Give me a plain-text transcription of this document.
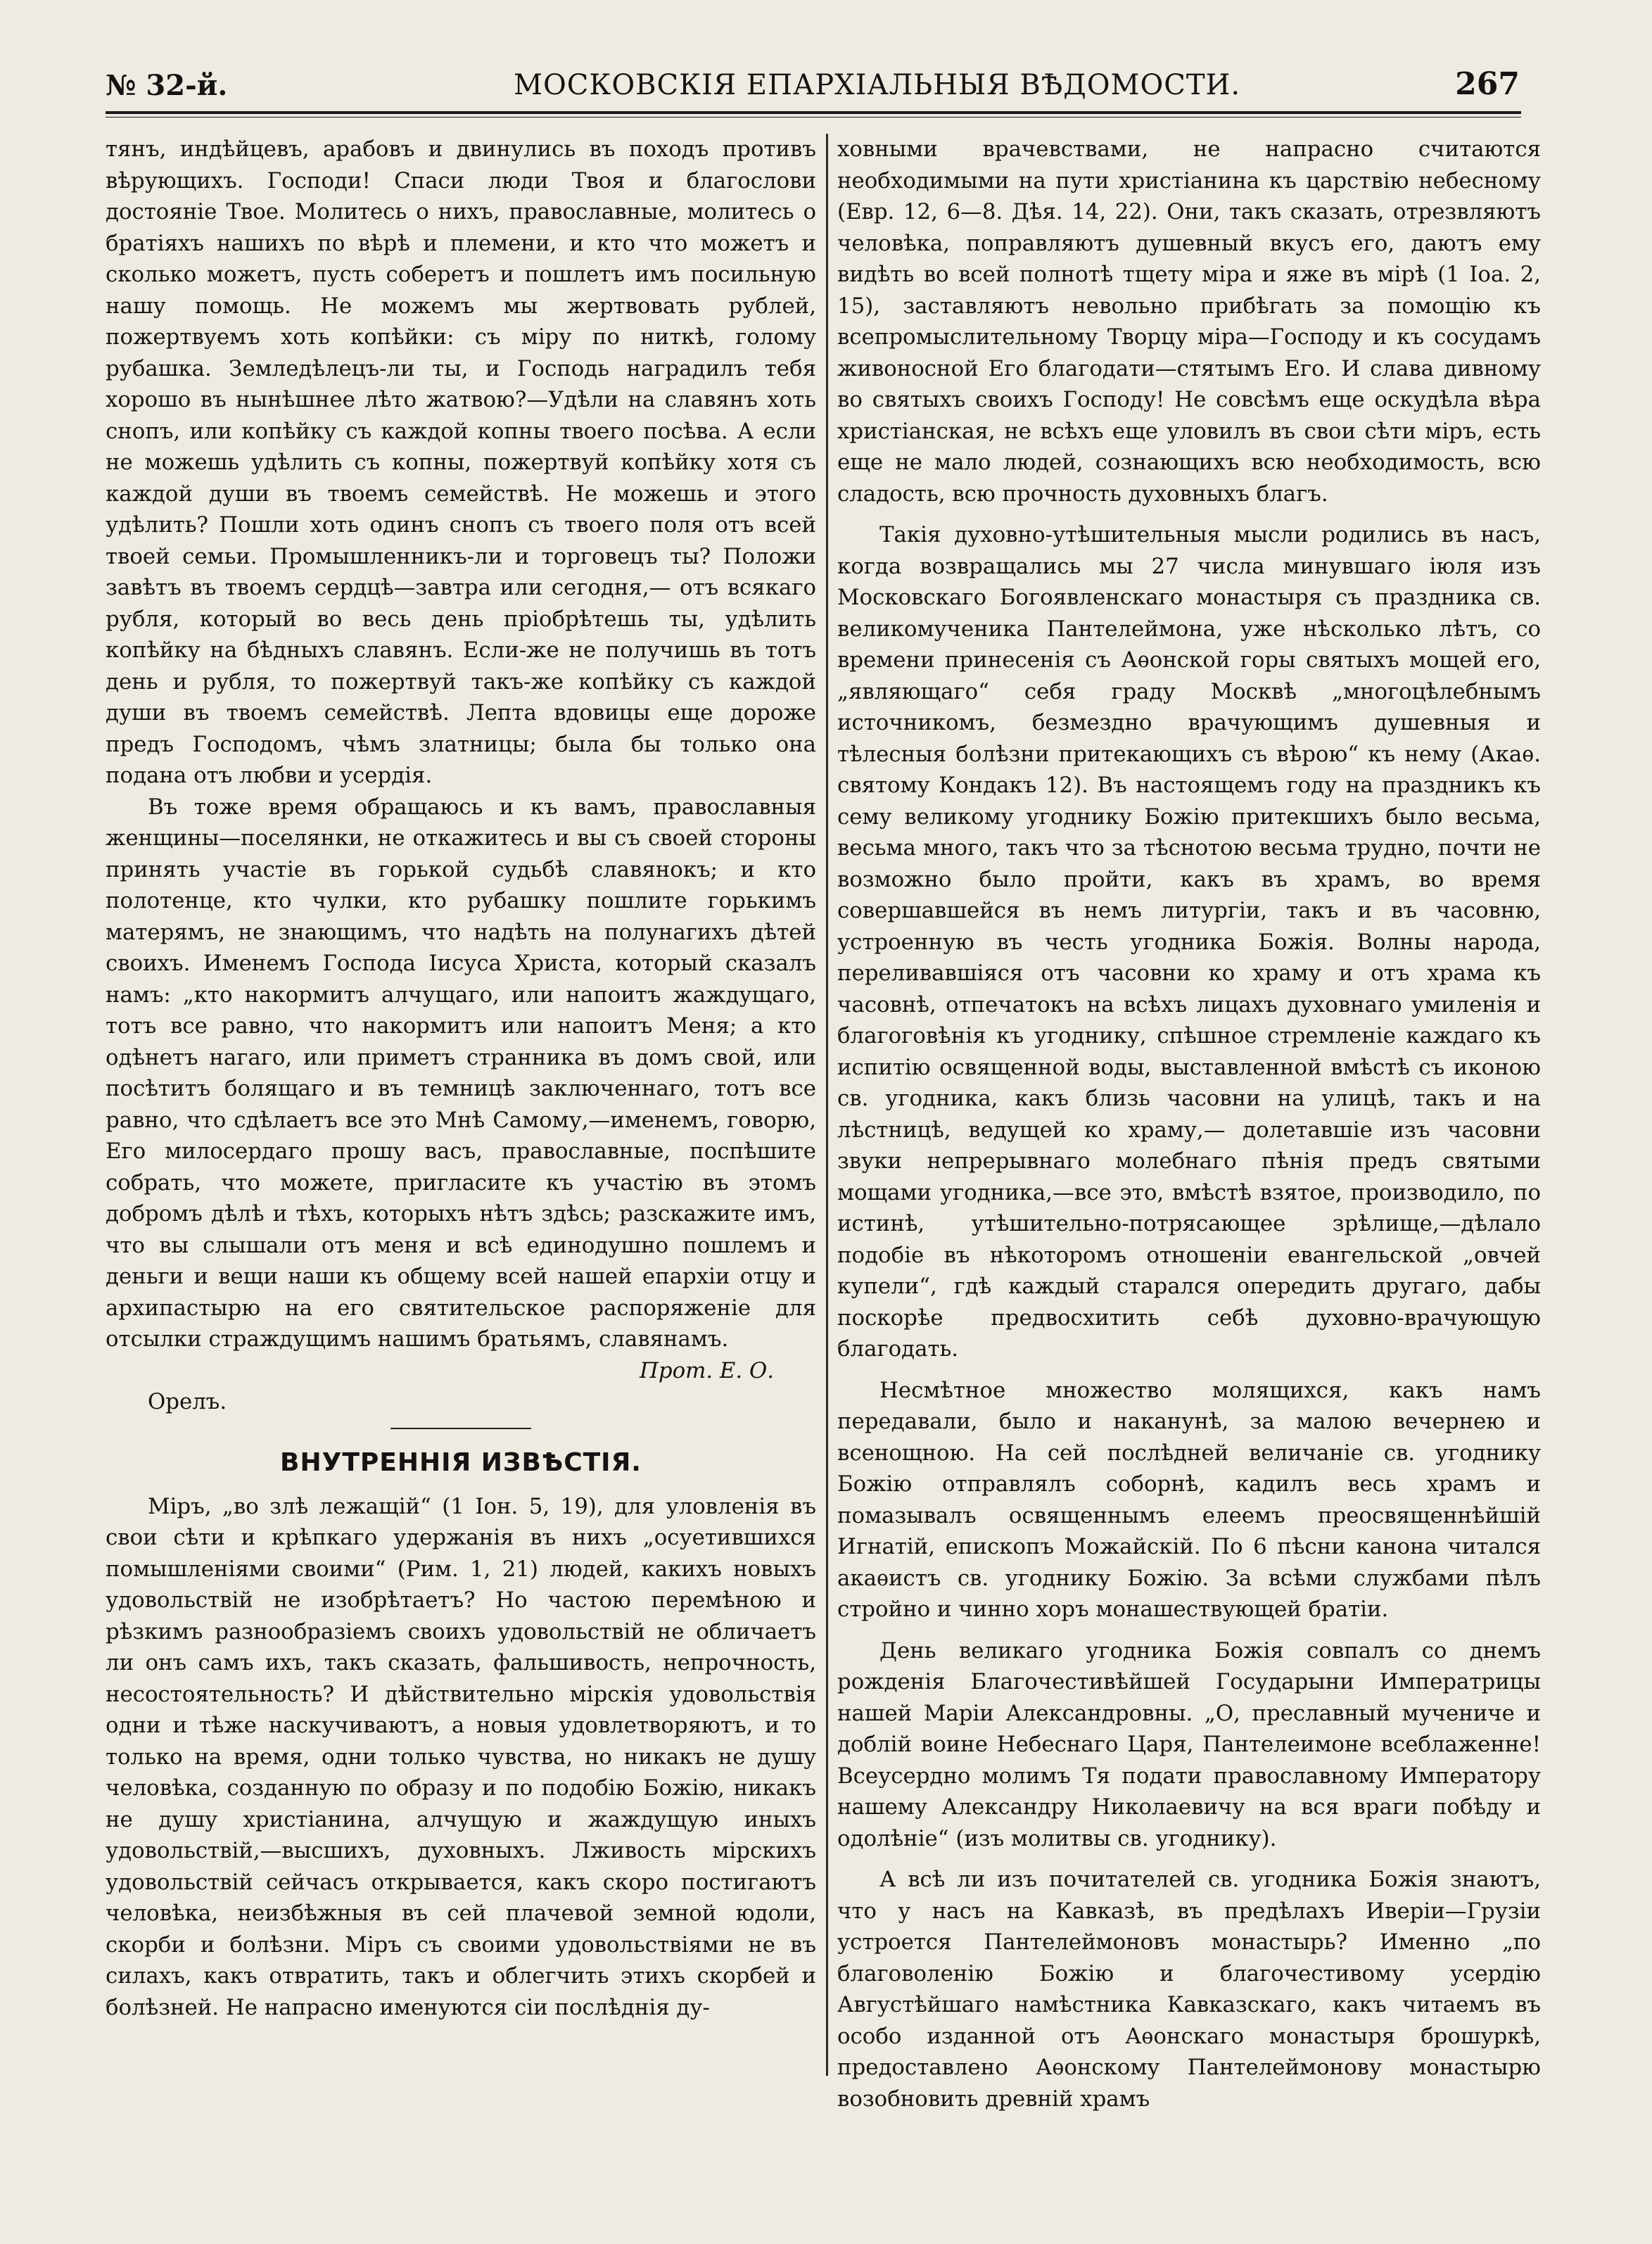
№ 32-й.	МОСКОВСКІЯ ЕПАРХІАЛЬНЫЯ ВѢДОМОСТИ.	267

тянъ, индѣйцевъ, арабовъ и двинулись въ походъ противъ вѣрующихъ. Господи! Спаси люди Твоя и благослови достояніе Твое. Молитесь о нихъ, православные, молитесь о братіяхъ нашихъ по вѣрѣ и племени, и кто что можетъ и сколько можетъ, пусть соберетъ и пошлетъ имъ посильную нашу помощь. Не можемъ мы жертвовать рублей, пожертвуемъ хоть копѣйки: съ міру по ниткѣ, голому рубашка. Земледѣлецъ-ли ты, и Господь наградилъ тебя хорошо въ нынѣшнее лѣто жатвою?—Удѣли на славянъ хоть снопъ, или копѣйку съ каждой копны твоего посѣва. А если не можешь удѣлить съ копны, пожертвуй копѣйку хотя съ каждой души въ твоемъ семействѣ. Не можешь и этого удѣлить? Пошли хоть одинъ снопъ съ твоего поля отъ всей твоей семьи. Промышленникъ-ли и торговецъ ты? Положи завѣтъ въ твоемъ сердцѣ—завтра или сегодня,— отъ всякаго рубля, который во весь день пріобрѣтешь ты, удѣлить копѣйку на бѣдныхъ славянъ. Если-же не получишь въ тотъ день и рубля, то пожертвуй такъ-же копѣйку съ каждой души въ твоемъ семействѣ. Лепта вдовицы еще дороже предъ Господомъ, чѣмъ златницы; была бы только она подана отъ любви и усердія.

Въ тоже время обращаюсь и къ вамъ, православныя женщины—поселянки, не откажитесь и вы съ своей стороны принять участіе въ горькой судьбѣ славянокъ; и кто полотенце, кто чулки, кто рубашку пошлите горькимъ матерямъ, не знающимъ, что надѣть на полунагихъ дѣтей своихъ. Именемъ Господа Іисуса Христа, который сказалъ намъ: „кто накормитъ алчущаго, или напоитъ жаждущаго, тотъ все равно, что накормитъ или напоитъ Меня; а кто одѣнетъ нагаго, или приметъ странника въ домъ свой, или посѣтитъ болящаго и въ темницѣ заключеннаго, тотъ все равно, что сдѣлаетъ все это Мнѣ Самому,—именемъ, говорю, Его милосердаго прошу васъ, православные, поспѣшите собрать, что можете, пригласите къ участію въ этомъ добромъ дѣлѣ и тѣхъ, которыхъ нѣтъ здѣсь; разскажите имъ, что вы слышали отъ меня и всѣ единодушно пошлемъ и деньги и вещи наши къ общему всей нашей епархіи отцу и архипастырю на его святительское распоряженіе для отсылки страждущимъ нашимъ братьямъ, славянамъ.

Прот. Е. О.
Орелъ.
ВНУТРЕННІЯ ИЗВѢСТІЯ.

Міръ, „во злѣ лежащій“ (1 Іон. 5, 19), для уловленія въ свои сѣти и крѣпкаго удержанія въ нихъ „осуетившихся помышленіями своими“ (Рим. 1, 21) людей, какихъ новыхъ удовольствій не изобрѣтаетъ? Но частою перемѣною и рѣзкимъ разнообразіемъ своихъ удовольствій не обличаетъ ли онъ самъ ихъ, такъ сказать, фальшивость, непрочность, несостоятельность? И дѣйствительно мірскія удовольствія одни и тѣже наскучиваютъ, а новыя удовлетворяютъ, и то только на время, одни только чувства, но никакъ не душу человѣка, созданную по образу и по подобію Божію, никакъ не душу христіанина, алчущую и жаждущую иныхъ удовольствій,—высшихъ, духовныхъ. Лживость мірскихъ удовольствій сейчасъ открывается, какъ скоро постигаютъ человѣка, неизбѣжныя въ сей плачевой земной юдоли, скорби и болѣзни. Міръ съ своими удовольствіями не въ силахъ, какъ отвратить, такъ и облегчить этихъ скорбей и болѣзней. Не напрасно именуются сіи послѣднія ду-

ховными врачевствами, не напрасно считаются необходимыми на пути христіанина къ царствію небесному (Евр. 12, 6—8. Дѣя. 14, 22). Они, такъ сказать, отрезвляютъ человѣка, поправляютъ душевный вкусъ его, даютъ ему видѣть во всей полнотѣ тщету міра и яже въ мірѣ (1 Іоа. 2, 15), заставляютъ невольно прибѣгать за помощію къ всепромыслительному Творцу міра—Господу и къ сосудамъ живоносной Его благодати—стятымъ Его. И слава дивному во святыхъ своихъ Господу! Не совсѣмъ еще оскудѣла вѣра христіанская, не всѣхъ еще уловилъ въ свои сѣти міръ, есть еще не мало людей, сознающихъ всю необходимость, всю сладость, всю прочность духовныхъ благъ.

Такія духовно-утѣшительныя мысли родились въ насъ, когда возвращались мы 27 числа минувшаго іюля изъ Московскаго Богоявленскаго монастыря съ праздника св. великомученика Пантелеймона, уже нѣсколько лѣтъ, со времени принесенія съ Аѳонской горы святыхъ мощей его, „являющаго“ себя граду Москвѣ „многоцѣлебнымъ источникомъ, безмездно врачующимъ душевныя и тѣлесныя болѣзни притекающихъ съ вѣрою“ къ нему (Акаѳ. святому Кондакъ 12). Въ настоящемъ году на праздникъ къ сему великому угоднику Божію притекшихъ было весьма, весьма много, такъ что за тѣснотою весьма трудно, почти не возможно было пройти, какъ въ храмъ, во время совершавшейся въ немъ литургіи, такъ и въ часовню, устроенную въ честь угодника Божія. Волны народа, переливавшіяся отъ часовни ко храму и отъ храма къ часовнѣ, отпечатокъ на всѣхъ лицахъ духовнаго умиленія и благоговѣнія къ угоднику, спѣшное стремленіе каждаго къ испитію освященной воды, выставленной вмѣстѣ съ иконою св. угодника, какъ близь часовни на улицѣ, такъ и на лѣстницѣ, ведущей ко храму,— долетавшіе изъ часовни звуки непрерывнаго молебнаго пѣнія предъ святыми мощами угодника,—все это, вмѣстѣ взятое, производило, по истинѣ, утѣшительно-потрясающее зрѣлище,—дѣлало подобіе въ нѣкоторомъ отношеніи евангельской „овчей купели“, гдѣ каждый старался опередить другаго, дабы поскорѣе предвосхитить себѣ духовно-врачующую благодать.

Несмѣтное множество молящихся, какъ намъ передавали, было и наканунѣ, за малою вечернею и всенощною. На сей послѣдней величаніе св. угоднику Божію отправлялъ соборнѣ, кадилъ весь храмъ и помазывалъ освященнымъ елеемъ преосвященнѣйшій Игнатій, епископъ Можайскій. По 6 пѣсни канона читался акаѳистъ св. угоднику Божію. За всѣми службами пѣлъ стройно и чинно хоръ монашествующей братіи.

День великаго угодника Божія совпалъ со днемъ рожденія Благочестивѣйшей Государыни Императрицы нашей Маріи Александровны. „О, преславный мучениче и доблій воине Небеснаго Царя, Пантелеимоне всеблаженне! Всеусердно молимъ Тя подати православному Императору нашему Александру Николаевичу на вся враги побѣду и одолѣніе“ (изъ молитвы св. угоднику).

А всѣ ли изъ почитателей св. угодника Божія знаютъ, что у насъ на Кавказѣ, въ предѣлахъ Иверіи—Грузіи устроется Пантелеймоновъ монастырь? Именно „по благоволенію Божію и благочестивому усердію Августѣйшаго намѣстника Кавказскаго, какъ читаемъ въ особо изданной отъ Аѳонскаго монастыря брошуркѣ, предоставлено Аѳонскому Пантелеймонову монастырю возобновить древній храмъ
